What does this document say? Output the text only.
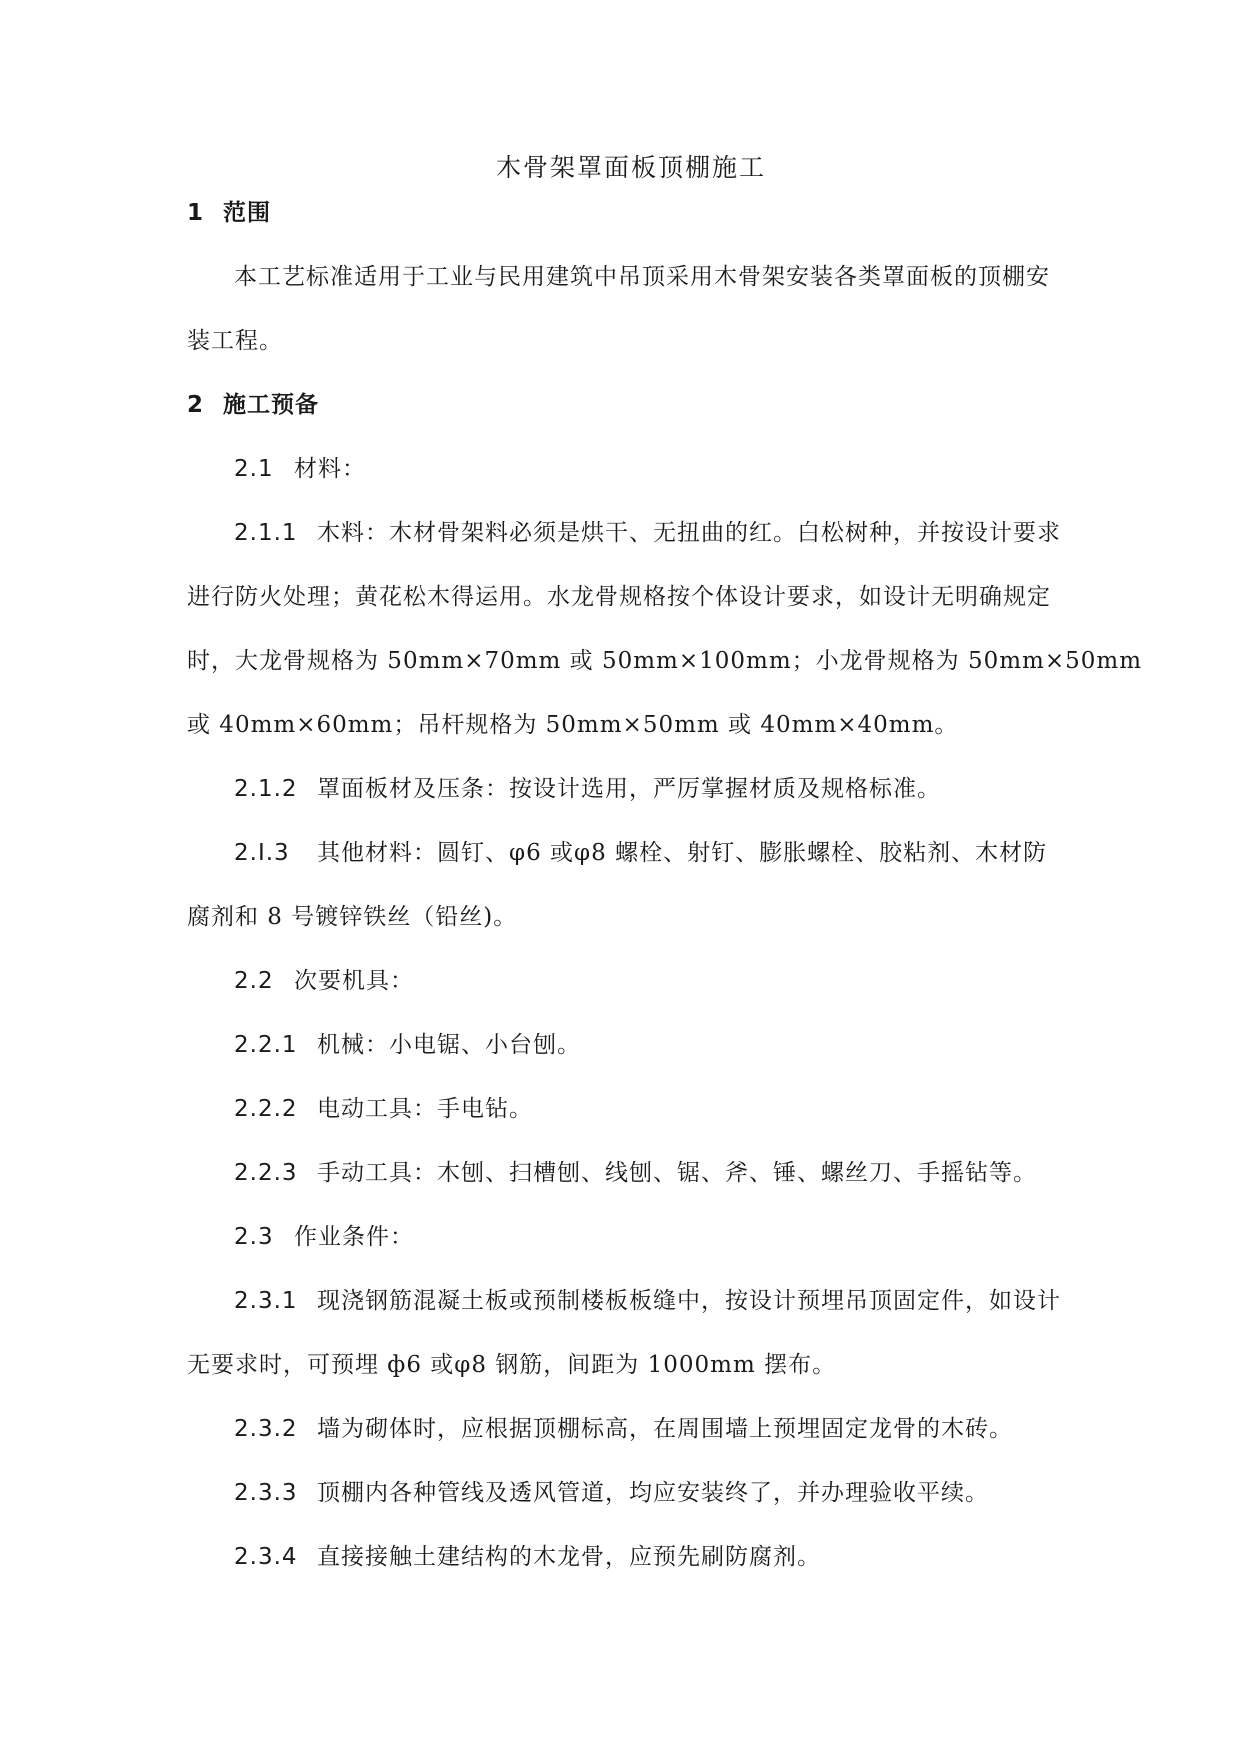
木骨架罩面板顶棚施工

1 范围

本工艺标准适用于工业与民用建筑中吊顶采用木骨架安装各类罩面板的顶棚安

装工程。

2 施工预备

2.1 材料：

2.1.1 木料：木材骨架料必须是烘干、无扭曲的红。白松树种，并按设计要求

进行防火处理；黄花松木得运用。水龙骨规格按个体设计要求，如设计无明确规定

时，大龙骨规格为 50mm×70mm 或 50mm×100mm；小龙骨规格为 50mm×50mm

或 40mm×60mm；吊杆规格为 50mm×50mm 或 40mm×40mm。

2.1.2 罩面板材及压条：按设计选用，严厉掌握材质及规格标准。

2.I.3 其他材料：圆钉、φ6 或φ8 螺栓、射钉、膨胀螺栓、胶粘剂、木材防

腐剂和 8 号镀锌铁丝（铅丝)。

2.2 次要机具：

2.2.1 机械：小电锯、小台刨。

2.2.2 电动工具：手电钻。

2.2.3 手动工具：木刨、扫槽刨、线刨、锯、斧、锤、螺丝刀、手摇钻等。

2.3 作业条件：

2.3.1 现浇钢筋混凝土板或预制楼板板缝中，按设计预埋吊顶固定件，如设计

无要求时，可预埋 ф6 或φ8 钢筋，间距为 1000mm 摆布。

2.3.2 墙为砌体时，应根据顶棚标高，在周围墙上预埋固定龙骨的木砖。

2.3.3 顶棚内各种管线及透风管道，均应安装终了，并办理验收平续。

2.3.4 直接接触土建结构的木龙骨，应预先刷防腐剂。
